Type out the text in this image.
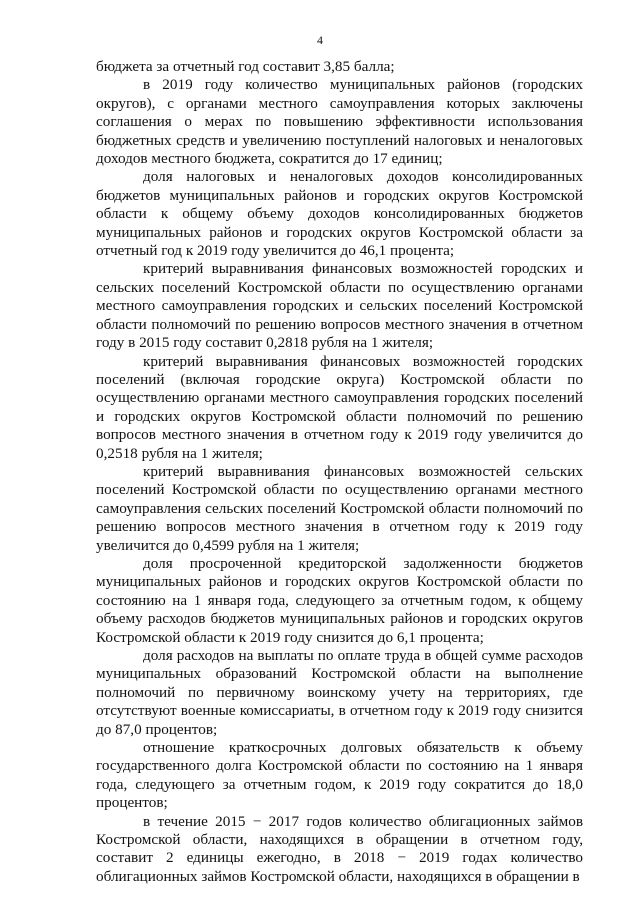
4

бюджета за отчетный год составит 3,85 балла;

в 2019 году количество муниципальных районов (городских округов), с органами местного самоуправления которых заключены соглашения о мерах по повышению эффективности использования бюджетных средств и увеличению поступлений налоговых и неналоговых доходов местного бюджета, сократится до 17 единиц;

доля налоговых и неналоговых доходов консолидированных бюджетов муниципальных районов и городских округов Костромской области к общему объему доходов консолидированных бюджетов муниципальных районов и городских округов Костромской области за отчетный год к 2019 году увеличится до 46,1 процента;

критерий выравнивания финансовых возможностей городских и сельских поселений Костромской области по осуществлению органами местного самоуправления городских и сельских поселений Костромской области полномочий по решению вопросов местного значения в отчетном году в 2015 году составит 0,2818 рубля на 1 жителя;

критерий выравнивания финансовых возможностей городских поселений (включая городские округа) Костромской области по осуществлению органами местного самоуправления городских поселений и городских округов Костромской области полномочий по решению вопросов местного значения в отчетном году к 2019 году увеличится до 0,2518 рубля на 1 жителя;

критерий выравнивания финансовых возможностей сельских поселений Костромской области по осуществлению органами местного самоуправления сельских поселений Костромской области полномочий по решению вопросов местного значения в отчетном году к 2019 году увеличится до 0,4599 рубля на 1 жителя;

доля просроченной кредиторской задолженности бюджетов муниципальных районов и городских округов Костромской области по состоянию на 1 января года, следующего за отчетным годом, к общему объему расходов бюджетов муниципальных районов и городских округов Костромской области к 2019 году снизится до 6,1 процента;

доля расходов на выплаты по оплате труда в общей сумме расходов муниципальных образований Костромской области на выполнение полномочий по первичному воинскому учету на территориях, где отсутствуют военные комиссариаты, в отчетном году к 2019 году снизится до 87,0 процентов;

отношение краткосрочных долговых обязательств к объему государственного долга Костромской области по состоянию на 1 января года, следующего за отчетным годом, к 2019 году сократится до 18,0 процентов;

в течение 2015 − 2017 годов количество облигационных займов Костромской области, находящихся в обращении в отчетном году, составит 2 единицы ежегодно, в 2018 − 2019 годах количество облигационных займов Костромской области, находящихся в обращении в
